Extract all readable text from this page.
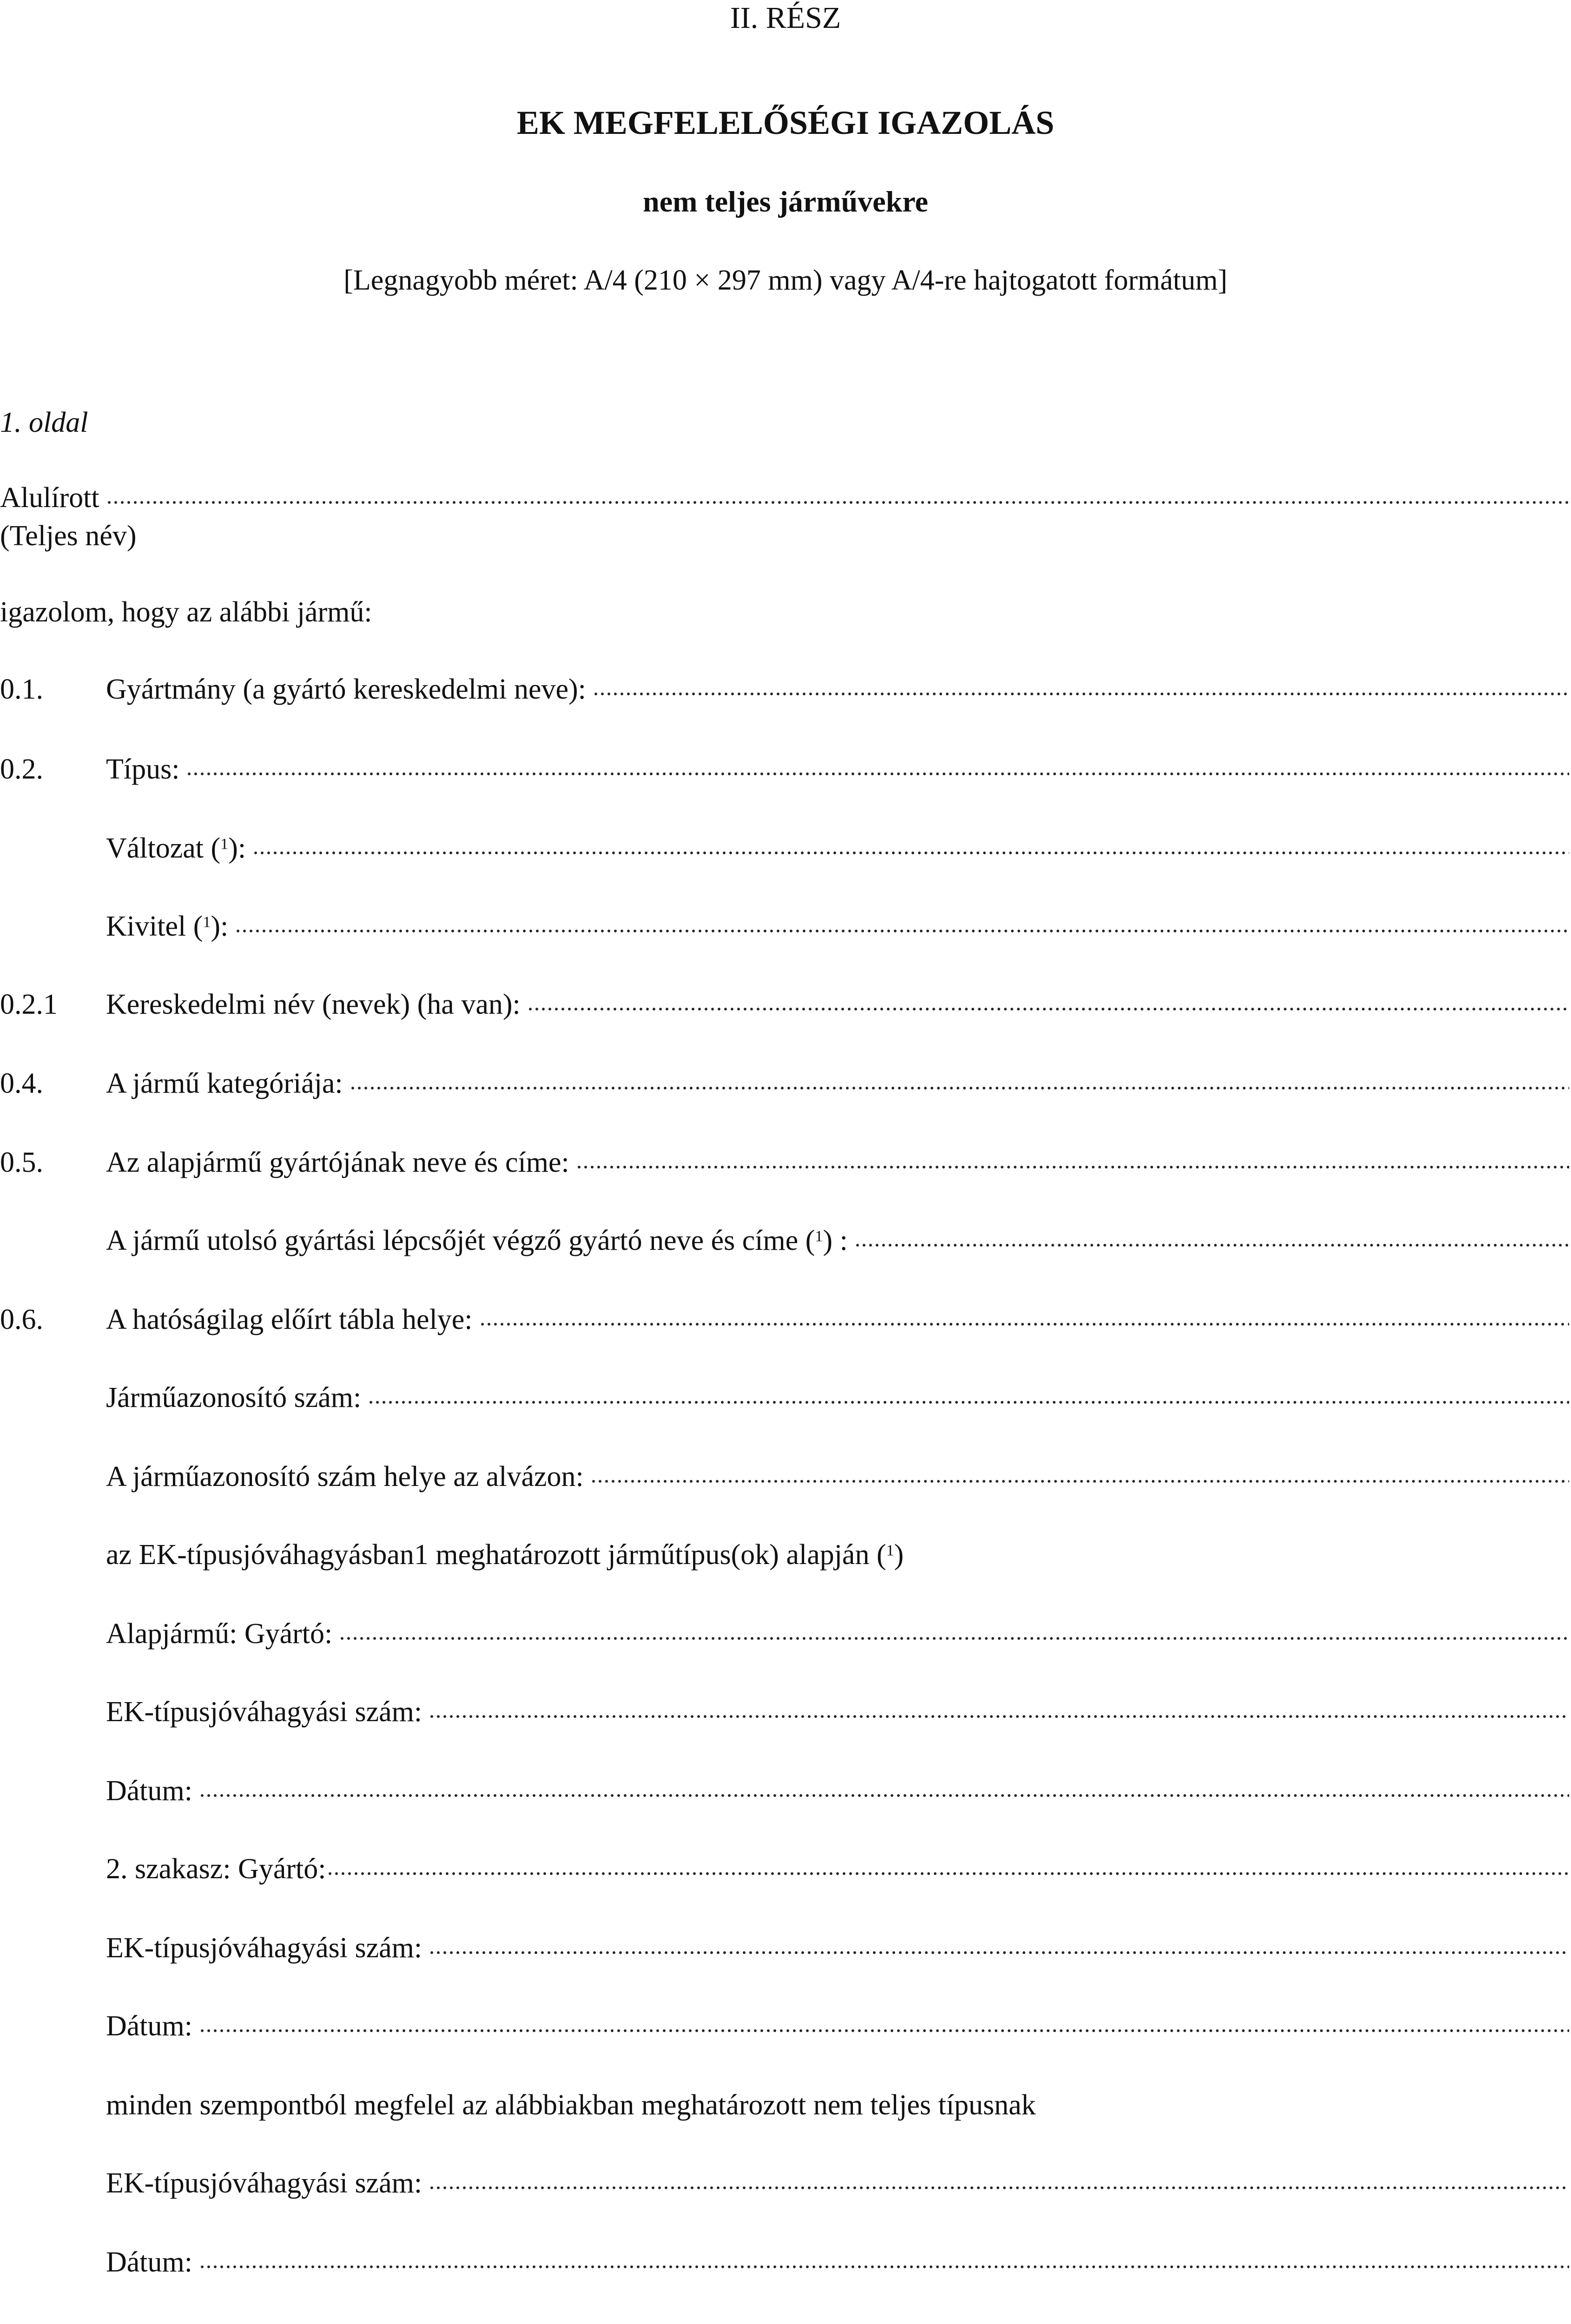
II. RÉSZ
EK MEGFELELŐSÉGI IGAZOLÁS
nem teljes járművekre
[Legnagyobb méret: A/4 (210 × 297 mm) vagy A/4-re hajtogatott formátum]
1. oldal
Alulírott
(Teljes név)
igazolom, hogy az alábbi jármű:
0.1. Gyártmány (a gyártó kereskedelmi neve):
0.2. Típus:
Változat ($^1$):
Kivitel ($^1$):
0.2.1 Kereskedelmi név (nevek) (ha van):
0.4. A jármű kategóriája:
0.5. Az alapjármű gyártójának neve és címe:
A jármű utolsó gyártási lépcsőjét végző gyártó neve és címe ($^1$) :
0.6. A hatóságilag előírt tábla helye:
Járműazonosító szám:
A járműazonosító szám helye az alvázon:
az EK-típusjóváhagyásban1 meghatározott járműtípus(ok) alapján ($^1$)
Alapjármű: Gyártó:
EK-típusjóváhagyási szám:
Dátum:
2. szakasz: Gyártó:
EK-típusjóváhagyási szám:
Dátum:
minden szempontból megfelel az alábbiakban meghatározott nem teljes típusnak
EK-típusjóváhagyási szám:
Dátum:
